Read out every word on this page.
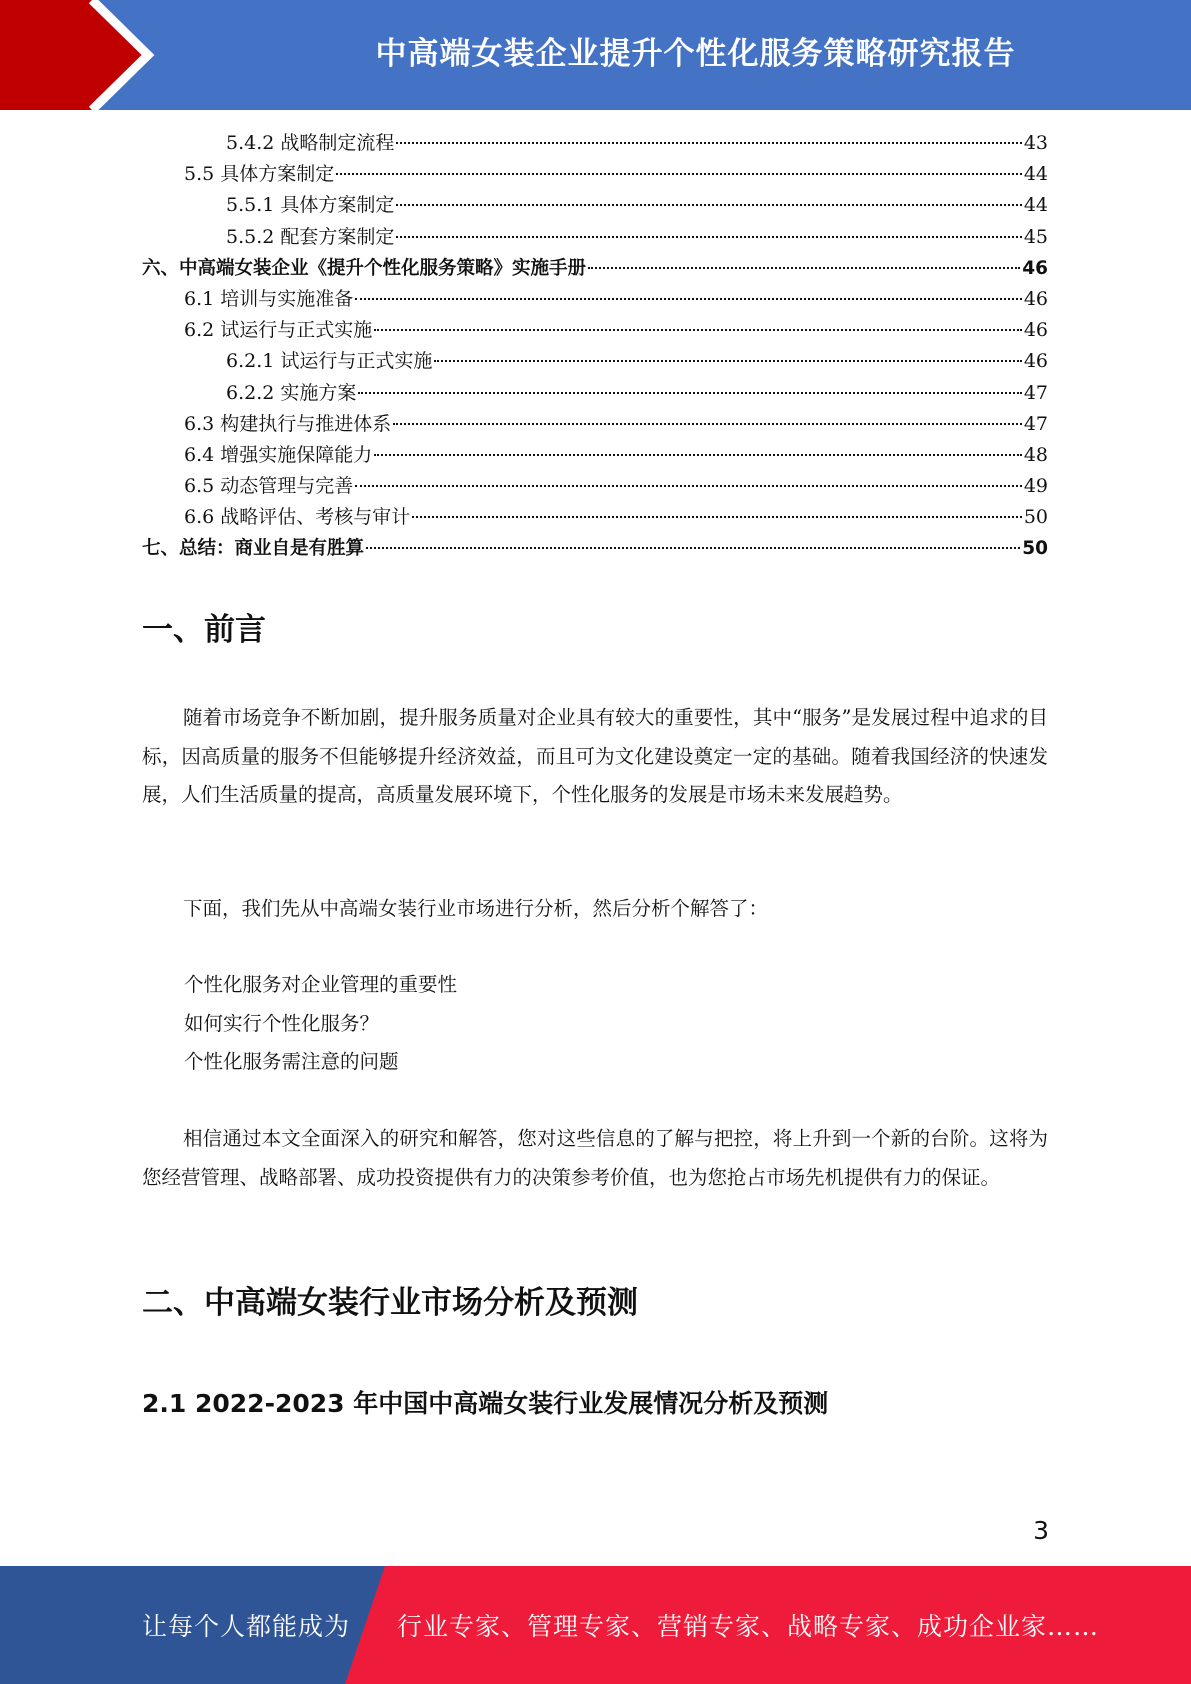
中高端女装企业提升个性化服务策略研究报告
5.4.2 战略制定流程	43
5.5 具体方案制定	44
5.5.1 具体方案制定	44
5.5.2 配套方案制定	45
六、中高端女装企业《提升个性化服务策略》实施手册	46
6.1 培训与实施准备	46
6.2 试运行与正式实施	46
6.2.1 试运行与正式实施	46
6.2.2 实施方案	47
6.3 构建执行与推进体系	47
6.4 增强实施保障能力	48
6.5 动态管理与完善	49
6.6 战略评估、考核与审计	50
七、总结：商业自是有胜算	50
一、前言

随着市场竞争不断加剧，提升服务质量对企业具有较大的重要性，其中“服务”是发展过程中追求的目标，因高质量的服务不但能够提升经济效益，而且可为文化建设奠定一定的基础。随着我国经济的快速发展，人们生活质量的提高，高质量发展环境下，个性化服务的发展是市场未来发展趋势。

下面，我们先从中高端女装行业市场进行分析，然后分析个解答了：

个性化服务对企业管理的重要性
如何实行个性化服务？
个性化服务需注意的问题

相信通过本文全面深入的研究和解答，您对这些信息的了解与把控，将上升到一个新的台阶。这将为您经营管理、战略部署、成功投资提供有力的决策参考价值，也为您抢占市场先机提供有力的保证。

二、中高端女装行业市场分析及预测
2.1 2022-2023 年中国中高端女装行业发展情况分析及预测
3
让每个人都能成为 行业专家、管理专家、营销专家、战略专家、成功企业家……
